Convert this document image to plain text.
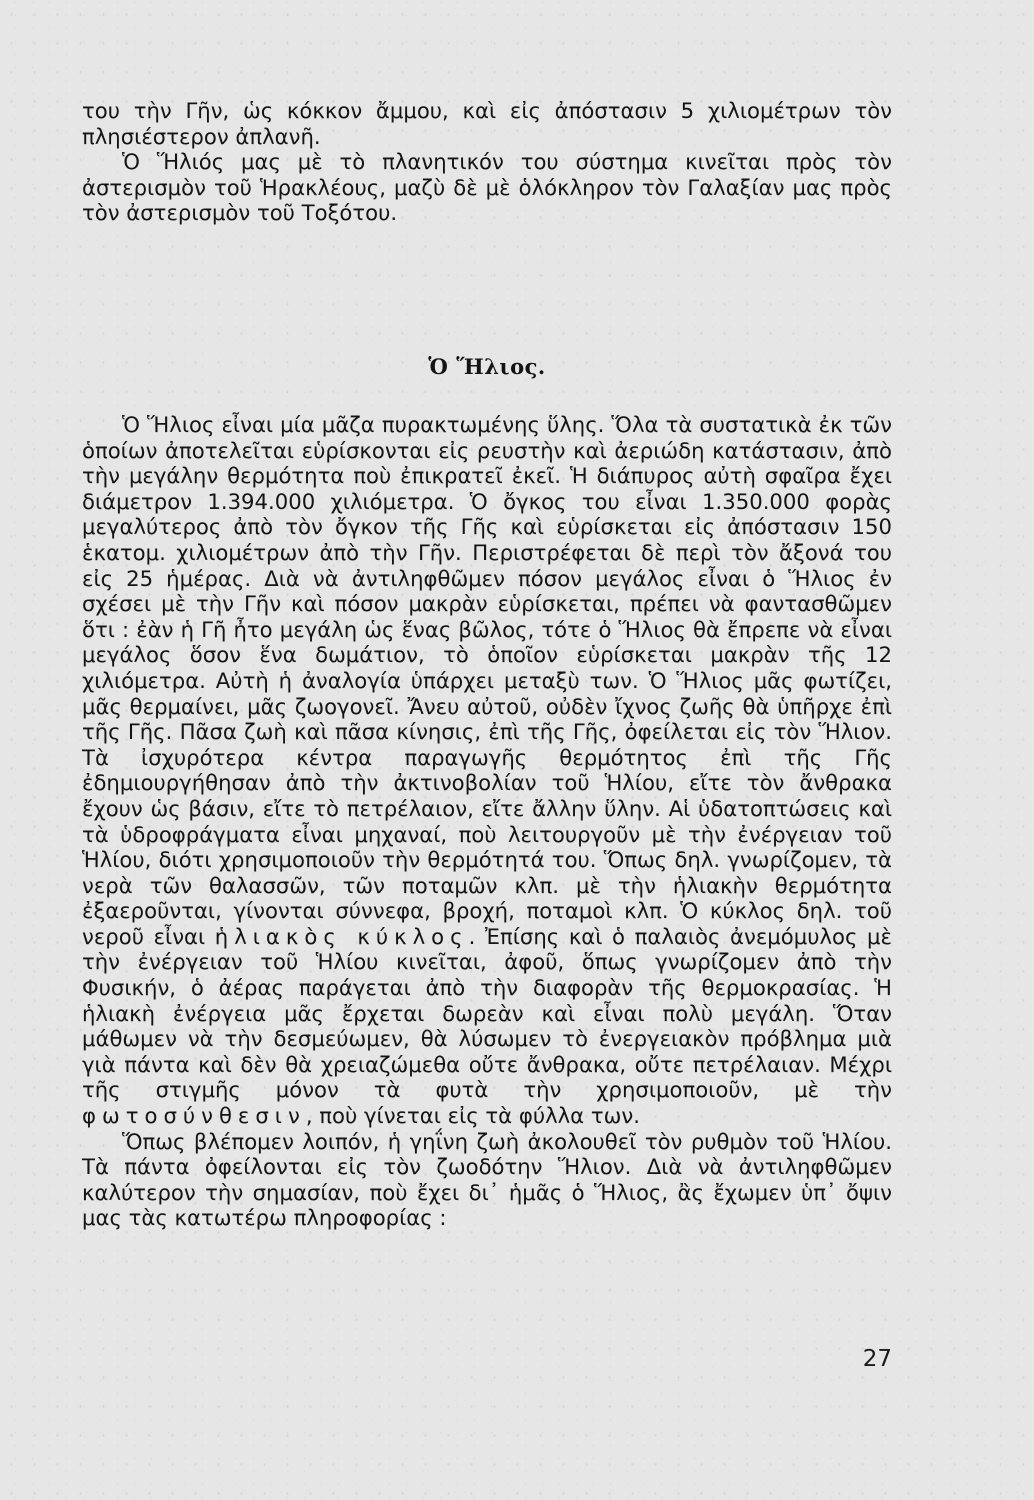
του τὴν Γῆν, ὡς κόκκον ἄμμου, καὶ εἰς ἀπόστασιν 5 χιλιομέτρων τὸν πλησιέστερον ἀπλανῆ.

Ὁ Ἥλιός μας μὲ τὸ πλανητικόν του σύστημα κινεῖται πρὸς τὸν ἀστερισμὸν τοῦ Ἡρακλέους, μαζὺ δὲ μὲ ὁλόκληρον τὸν Γαλαξίαν μας πρὸς τὸν ἀστερισμὸν τοῦ Τοξότου.

Ὁ Ἥλιος.

Ὁ Ἥλιος εἶναι μία μᾶζα πυρακτωμένης ὕλης. Ὅλα τὰ συστατικὰ ἐκ τῶν ὁποίων ἀποτελεῖται εὑρίσκονται εἰς ρευστὴν καὶ ἀεριώδη κατάστασιν, ἀπὸ τὴν μεγάλην θερμότητα ποὺ ἐπικρατεῖ ἐκεῖ. Ἡ διάπυρος αὐτὴ σφαῖρα ἔχει διάμετρον 1.394.000 χιλιόμετρα. Ὁ ὄγκος του εἶναι 1.350.000 φορὰς μεγαλύτερος ἀπὸ τὸν ὄγκον τῆς Γῆς καὶ εὑρίσκεται εἰς ἀπόστασιν 150 ἑκατομ. χιλιομέτρων ἀπὸ τὴν Γῆν. Περιστρέφεται δὲ περὶ τὸν ἄξονά του εἰς 25 ἡμέρας. Διὰ νὰ ἀντιληφθῶμεν πόσον μεγάλος εἶναι ὁ Ἥλιος ἐν σχέσει μὲ τὴν Γῆν καὶ πόσον μακρὰν εὑρίσκεται, πρέπει νὰ φαντασθῶμεν ὅτι : ἐὰν ἡ Γῆ ἦτο μεγάλη ὡς ἕνας βῶλος, τότε ὁ Ἥλιος θὰ ἔπρεπε νὰ εἶναι μεγάλος ὅσον ἕνα δωμάτιον, τὸ ὁποῖον εὑρίσκεται μακρὰν τῆς 12 χιλιόμετρα. Αὐτὴ ἡ ἀναλογία ὑπάρχει μεταξὺ των. Ὁ Ἥλιος μᾶς φωτίζει, μᾶς θερμαίνει, μᾶς ζωογονεῖ. Ἄνευ αὐτοῦ, οὐδὲν ἴχνος ζωῆς θὰ ὑπῆρχε ἐπὶ τῆς Γῆς. Πᾶσα ζωὴ καὶ πᾶσα κίνησις, ἐπὶ τῆς Γῆς, ὀφείλεται εἰς τὸν Ἥλιον. Τὰ ἰσχυρότερα κέντρα παραγωγῆς θερμότητος ἐπὶ τῆς Γῆς ἐδημιουργήθησαν ἀπὸ τὴν ἀκτινοβολίαν τοῦ Ἡλίου, εἴτε τὸν ἄνθρακα ἔχουν ὡς βάσιν, εἴτε τὸ πετρέλαιον, εἴτε ἄλλην ὕλην. Αἱ ὑδατοπτώσεις καὶ τὰ ὑδροφράγματα εἶναι μηχαναί, ποὺ λειτουργοῦν μὲ τὴν ἐνέργειαν τοῦ Ἡλίου, διότι χρησιμοποιοῦν τὴν θερμότητά του. Ὅπως δηλ. γνωρίζομεν, τὰ νερὰ τῶν θαλασσῶν, τῶν ποταμῶν κλπ. μὲ τὴν ἡλιακὴν θερμότητα ἐξαεροῦνται, γίνονται σύννεφα, βροχή, ποταμοὶ κλπ. Ὁ κύκλος δηλ. τοῦ νεροῦ εἶναι ἡλιακὸς κύκλος. Ἐπίσης καὶ ὁ παλαιὸς ἀνεμόμυλος μὲ τὴν ἐνέργειαν τοῦ Ἡλίου κινεῖται, ἀφοῦ, ὅπως γνωρίζομεν ἀπὸ τὴν Φυσικήν, ὁ ἀέρας παράγεται ἀπὸ τὴν διαφορὰν τῆς θερμοκρασίας. Ἡ ἡλιακὴ ἐνέργεια μᾶς ἔρχεται δωρεὰν καὶ εἶναι πολὺ μεγάλη. Ὅταν μάθωμεν νὰ τὴν δεσμεύωμεν, θὰ λύσωμεν τὸ ἐνεργειακὸν πρόβλημα μιὰ γιὰ πάντα καὶ δὲν θὰ χρειαζώμεθα οὔτε ἄνθρακα, οὔτε πετρέλαιαν. Μέχρι τῆς στιγμῆς μόνον τὰ φυτὰ τὴν χρησιμοποιοῦν, μὲ τὴν φωτοσύνθεσιν, ποὺ γίνεται εἰς τὰ φύλλα των.

Ὅπως βλέπομεν λοιπόν, ἡ γηΐνη ζωὴ ἀκολουθεῖ τὸν ρυθμὸν τοῦ Ἡλίου. Τὰ πάντα ὀφείλονται εἰς τὸν ζωοδότην Ἥλιον. Διὰ νὰ ἀντιληφθῶμεν καλύτερον τὴν σημασίαν, ποὺ ἔχει δι᾿ ἡμᾶς ὁ Ἥλιος, ἂς ἔχωμεν ὑπ᾿ ὄψιν μας τὰς κατωτέρω πληροφορίας :

27
